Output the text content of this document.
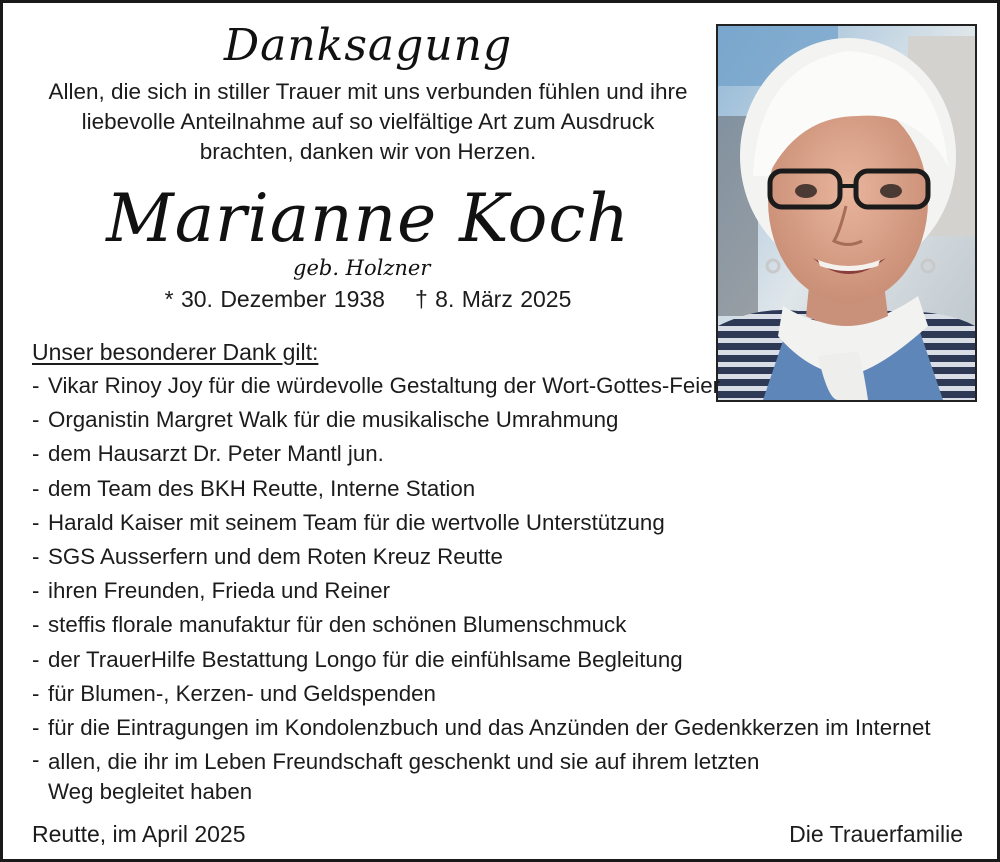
Danksagung
Allen, die sich in stiller Trauer mit uns verbunden fühlen und ihre liebevolle Anteilnahme auf so vielfältige Art zum Ausdruck brachten, danken wir von Herzen.
Marianne Koch
geb. Holzner
* 30. Dezember 1938 † 8. März 2025
Unser besonderer Dank gilt:
- Vikar Rinoy Joy für die würdevolle Gestaltung der Wort-Gottes-Feier
- Organistin Margret Walk für die musikalische Umrahmung
- dem Hausarzt Dr. Peter Mantl jun.
- dem Team des BKH Reutte, Interne Station
- Harald Kaiser mit seinem Team für die wertvolle Unterstützung
- SGS Ausserfern und dem Roten Kreuz Reutte
- ihren Freunden, Frieda und Reiner
- steffis florale manufaktur für den schönen Blumenschmuck
- der TrauerHilfe Bestattung Longo für die einfühlsame Begleitung
- für Blumen-, Kerzen- und Geldspenden
- für die Eintragungen im Kondolenzbuch und das Anzünden der Gedenkkerzen im Internet
- allen, die ihr im Leben Freundschaft geschenkt und sie auf ihrem letzten Weg begleitet haben
Reutte, im April 2025	Die Trauerfamilie
